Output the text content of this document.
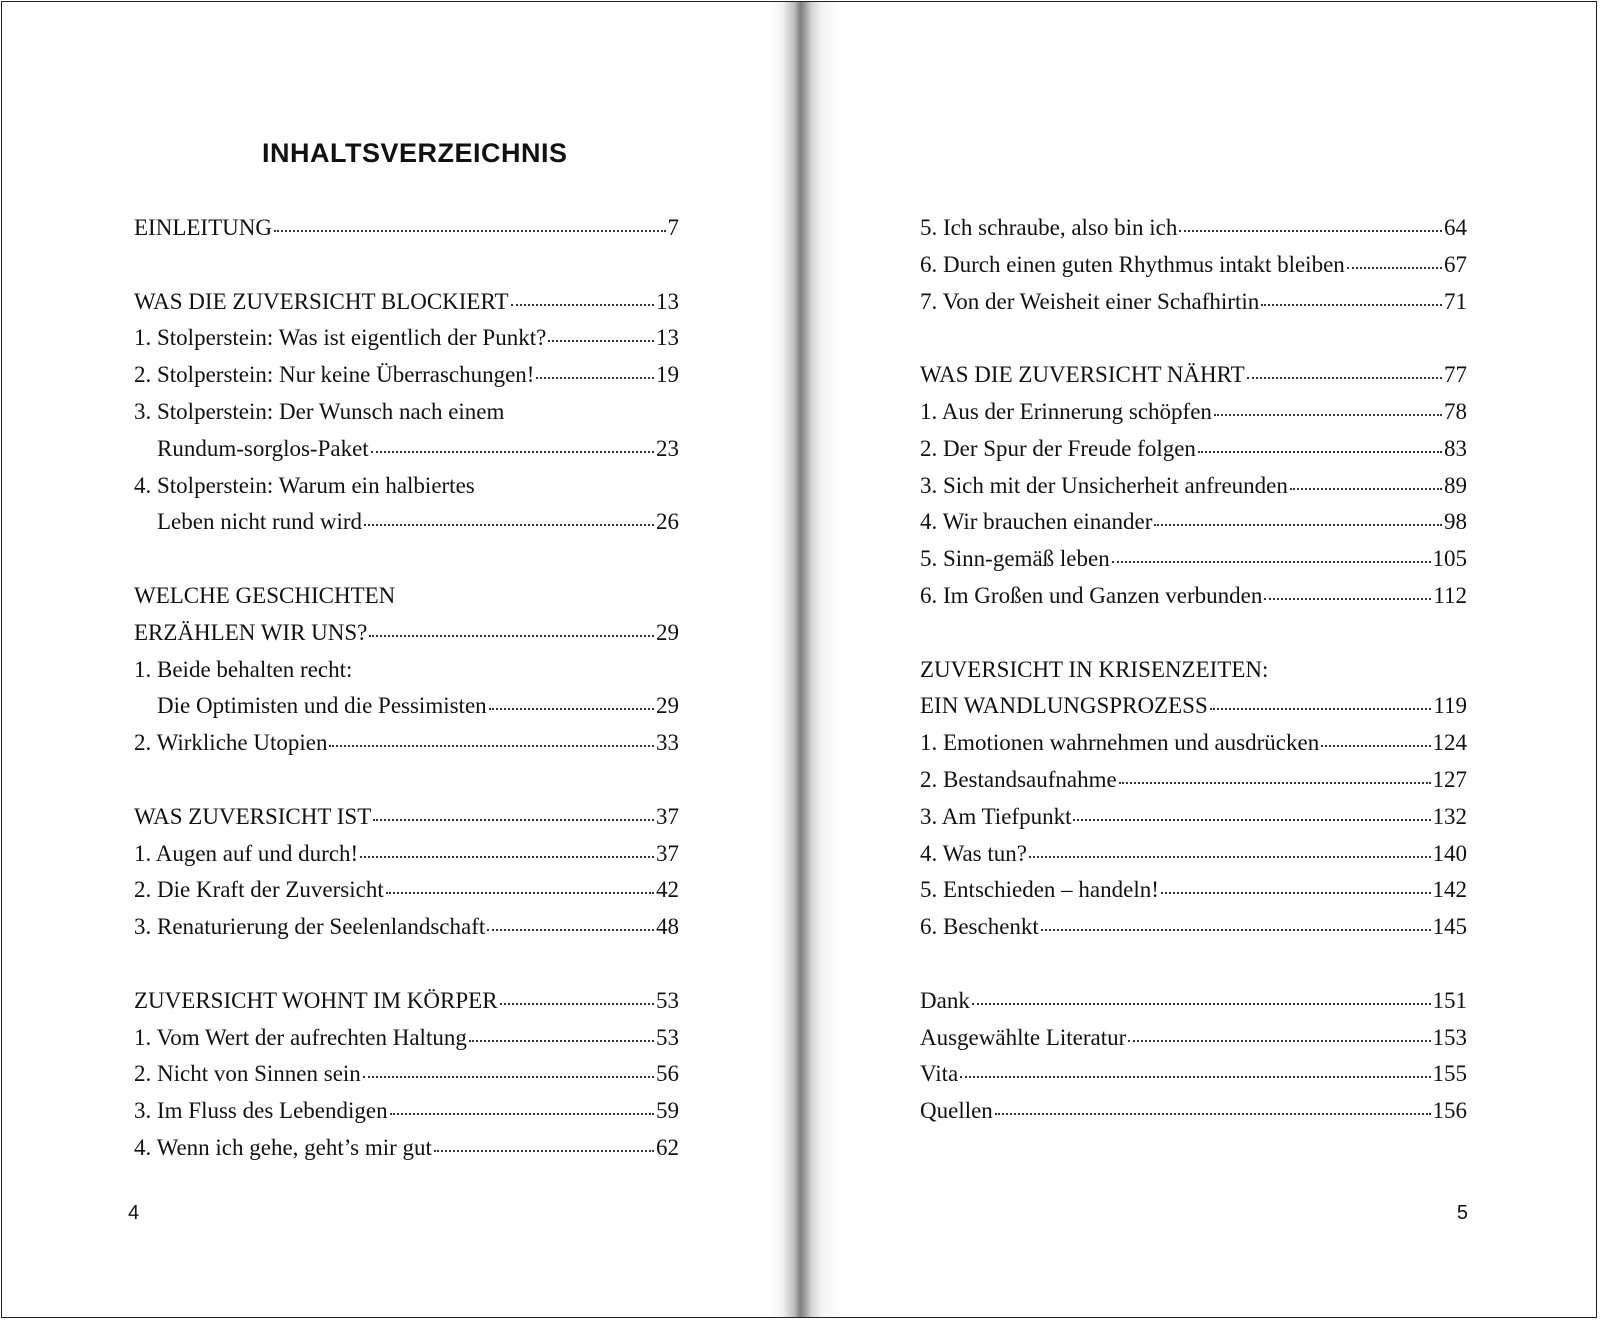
INHALTSVERZEICHNIS
EINLEITUNG	7
WAS DIE ZUVERSICHT BLOCKIERT	13
1. Stolperstein: Was ist eigentlich der Punkt?	13
2. Stolperstein: Nur keine Überraschungen!	19
3. Stolperstein: Der Wunsch nach einem
Rundum-sorglos-Paket	23
4. Stolperstein: Warum ein halbiertes
Leben nicht rund wird	26
WELCHE GESCHICHTEN
ERZÄHLEN WIR UNS?	29
1. Beide behalten recht:
Die Optimisten und die Pessimisten	29
2. Wirkliche Utopien	33
WAS ZUVERSICHT IST	37
1. Augen auf und durch!	37
2. Die Kraft der Zuversicht	42
3. Renaturierung der Seelenlandschaft	48
ZUVERSICHT WOHNT IM KÖRPER	53
1. Vom Wert der aufrechten Haltung	53
2. Nicht von Sinnen sein	56
3. Im Fluss des Lebendigen	59
4. Wenn ich gehe, geht’s mir gut	62

4

5. Ich schraube, also bin ich	64
6. Durch einen guten Rhythmus intakt bleiben	67
7. Von der Weisheit einer Schafhirtin	71
WAS DIE ZUVERSICHT NÄHRT	77
1. Aus der Erinnerung schöpfen	78
2. Der Spur der Freude folgen	83
3. Sich mit der Unsicherheit anfreunden	89
4. Wir brauchen einander	98
5. Sinn-gemäß leben	105
6. Im Großen und Ganzen verbunden	112
ZUVERSICHT IN KRISENZEITEN:
EIN WANDLUNGSPROZESS	119
1. Emotionen wahrnehmen und ausdrücken	124
2. Bestandsaufnahme	127
3. Am Tiefpunkt	132
4. Was tun?	140
5. Entschieden – handeln!	142
6. Beschenkt	145
Dank	151
Ausgewählte Literatur	153
Vita	155
Quellen	156

5
